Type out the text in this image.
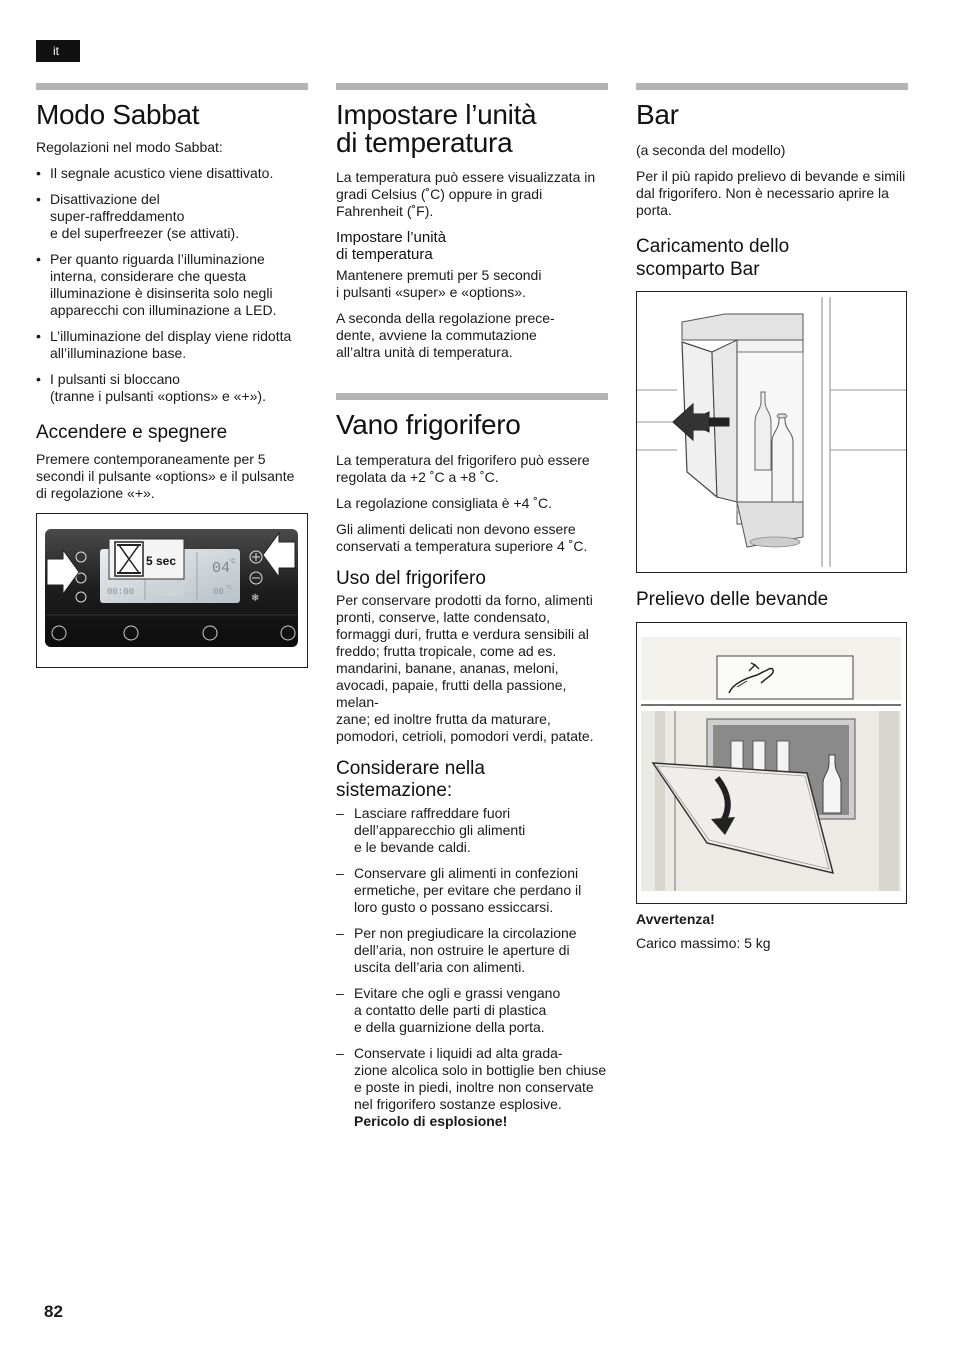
it
Modo Sabbat

Regolazioni nel modo Sabbat:

• Il segnale acustico viene disattivato.
• Disattivazione del
super-raffreddamento
e del superfreezer (se attivati).
• Per quanto riguarda l’illuminazione interna, considerare che questa illuminazione è disinserita solo negli apparecchi con illuminazione a LED.
• L’illuminazione del display viene ridotta all’illuminazione base.
• I pulsanti si bloccano
(tranne i pulsanti «options» e «+»).
Accendere e spegnere

Premere contemporaneamente per 5 secondi il pulsante «options» e il pulsante di regolazione «+».

04
°C
00:00	00 °C
5 sec
❄
Impostare l’unità
di temperatura

La temperatura può essere visualizzata in gradi Celsius (˚C) oppure in gradi Fahrenheit (˚F).

Impostare l’unità
di temperatura

Mantenere premuti per 5 secondi
i pulsanti «super» e «options».

A seconda della regolazione prece-
dente, avviene la commutazione
all’altra unità di temperatura.

Vano frigorifero

La temperatura del frigorifero può essere regolata da +2 ˚C a +8 ˚C.

La regolazione consigliata è +4 ˚C.

Gli alimenti delicati non devono essere conservati a temperatura superiore 4 ˚C.

Uso del frigorifero

Per conservare prodotti da forno, alimenti pronti, conserve, latte condensato, formaggi duri, frutta e verdura sensibili al freddo; frutta tropicale, come ad es. mandarini, banane, ananas, meloni, avocadi, papaie, frutti della passione, melan-
zane; ed inoltre frutta da maturare, pomodori, cetrioli, pomodori verdi, patate.

Considerare nella
sistemazione:
– Lasciare raffreddare fuori
dell’apparecchio gli alimenti
e le bevande caldi.
– Conservare gli alimenti in confezioni ermetiche, per evitare che perdano il loro gusto o possano essiccarsi.
– Per non pregiudicare la circolazione dell’aria, non ostruire le aperture di uscita dell’aria con alimenti.
– Evitare che ogli e grassi vengano
a contatto delle parti di plastica
e della guarnizione della porta.
– Conservate i liquidi ad alta grada-
zione alcolica solo in bottiglie ben chiuse e poste in piedi, inoltre non conservate nel frigorifero sostanze esplosive.
Pericolo di esplosione!
Bar

(a seconda del modello)

Per il più rapido prelievo di bevande e simili dal frigorifero. Non è necessario aprire la porta.

Caricamento dello
scomparto Bar
Prelievo delle bevande
Avvertenza!

Carico massimo: 5 kg

82
